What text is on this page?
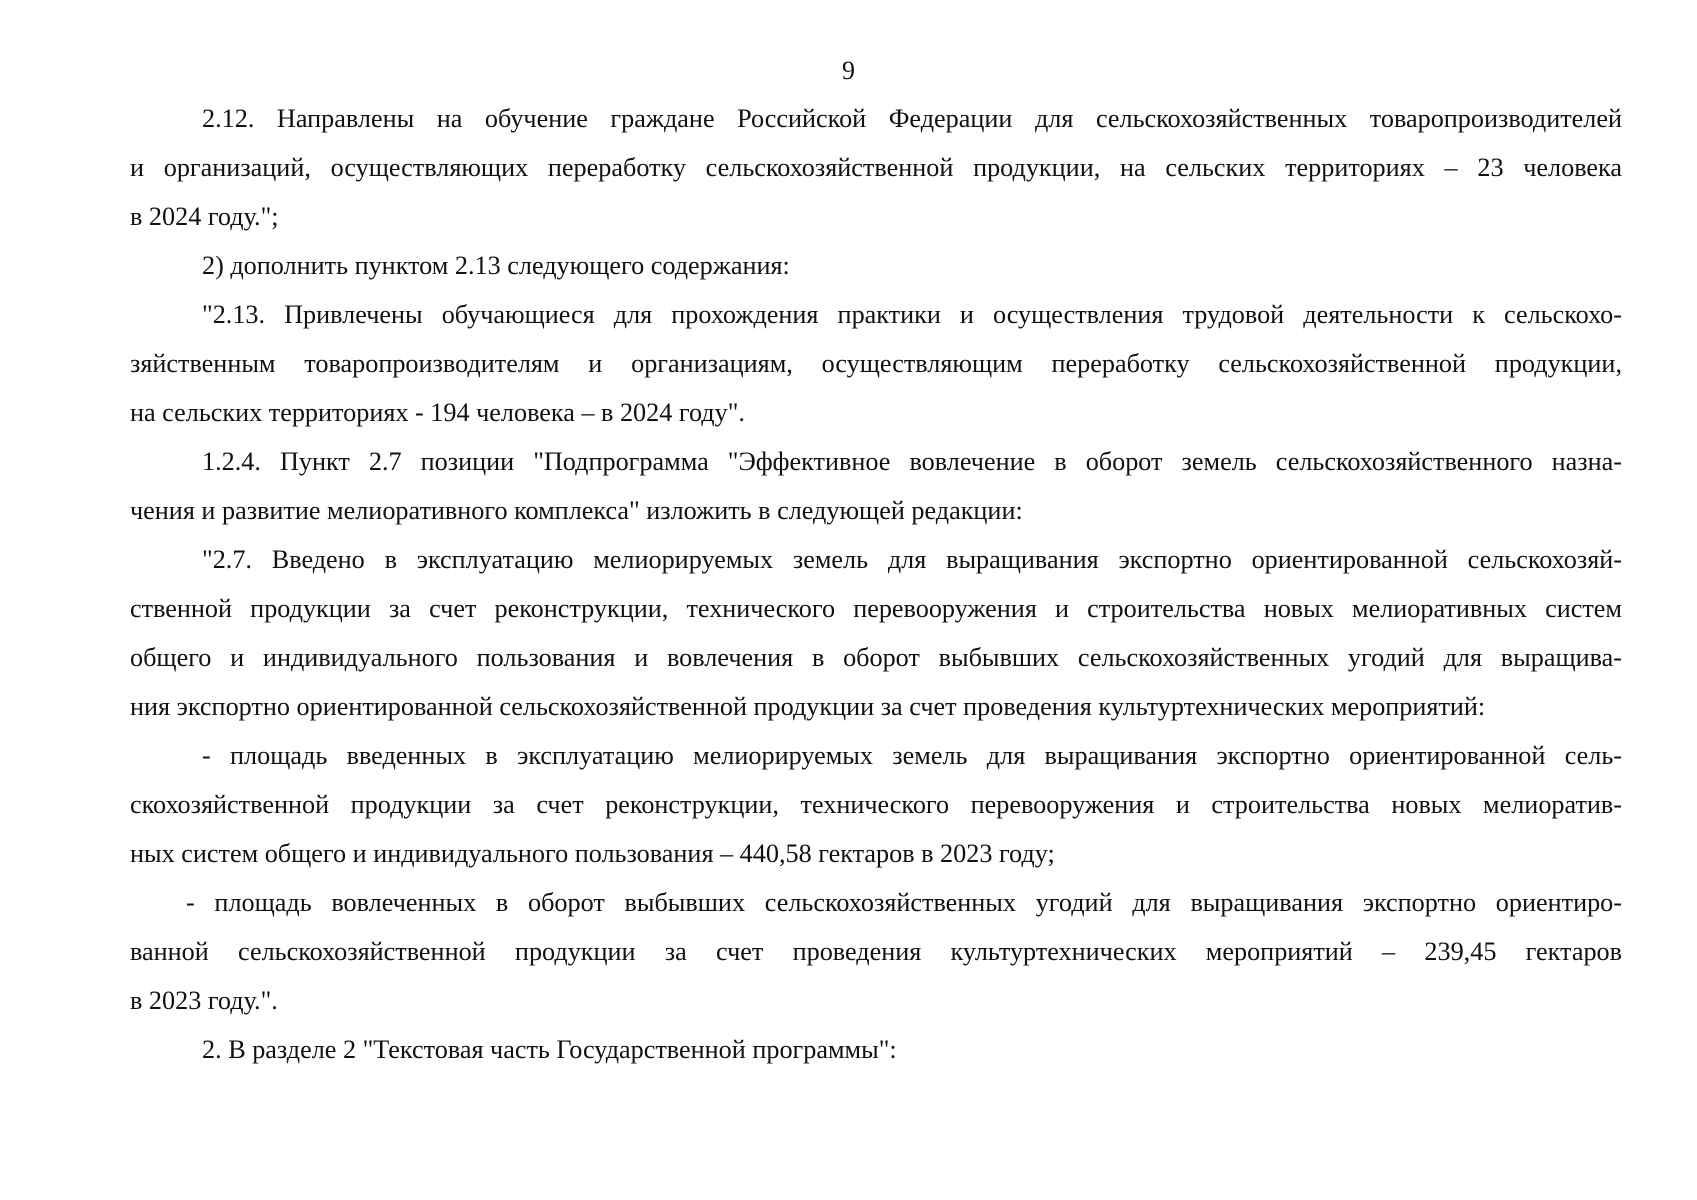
9

2.12. Направлены на обучение граждане Российской Федерации для сельскохозяйственных товаропроизводителей
и организаций, осуществляющих переработку сельскохозяйственной продукции, на сельских территориях – 23 человека
в 2024 году.";

2) дополнить пунктом 2.13 следующего содержания:

"2.13. Привлечены обучающиеся для прохождения практики и осуществления трудовой деятельности к сельскохо-
зяйственным товаропроизводителям и организациям, осуществляющим переработку сельскохозяйственной продукции,
на сельских территориях - 194 человека – в 2024 году".

1.2.4. Пункт 2.7 позиции "Подпрограмма "Эффективное вовлечение в оборот земель сельскохозяйственного назна-
чения и развитие мелиоративного комплекса" изложить в следующей редакции:

"2.7. Введено в эксплуатацию мелиорируемых земель для выращивания экспортно ориентированной сельскохозяй-
ственной продукции за счет реконструкции, технического перевооружения и строительства новых мелиоративных систем
общего и индивидуального пользования и вовлечения в оборот выбывших сельскохозяйственных угодий для выращива-
ния экспортно ориентированной сельскохозяйственной продукции за счет проведения культуртехнических мероприятий:

- площадь введенных в эксплуатацию мелиорируемых земель для выращивания экспортно ориентированной сель-
скохозяйственной продукции за счет реконструкции, технического перевооружения и строительства новых мелиоратив-
ных систем общего и индивидуального пользования – 440,58 гектаров в 2023 году;

- площадь вовлеченных в оборот выбывших сельскохозяйственных угодий для выращивания экспортно ориентиро-
ванной сельскохозяйственной продукции за счет проведения культуртехнических мероприятий – 239,45 гектаров
в 2023 году.".

2. В разделе 2 "Текстовая часть Государственной программы":
